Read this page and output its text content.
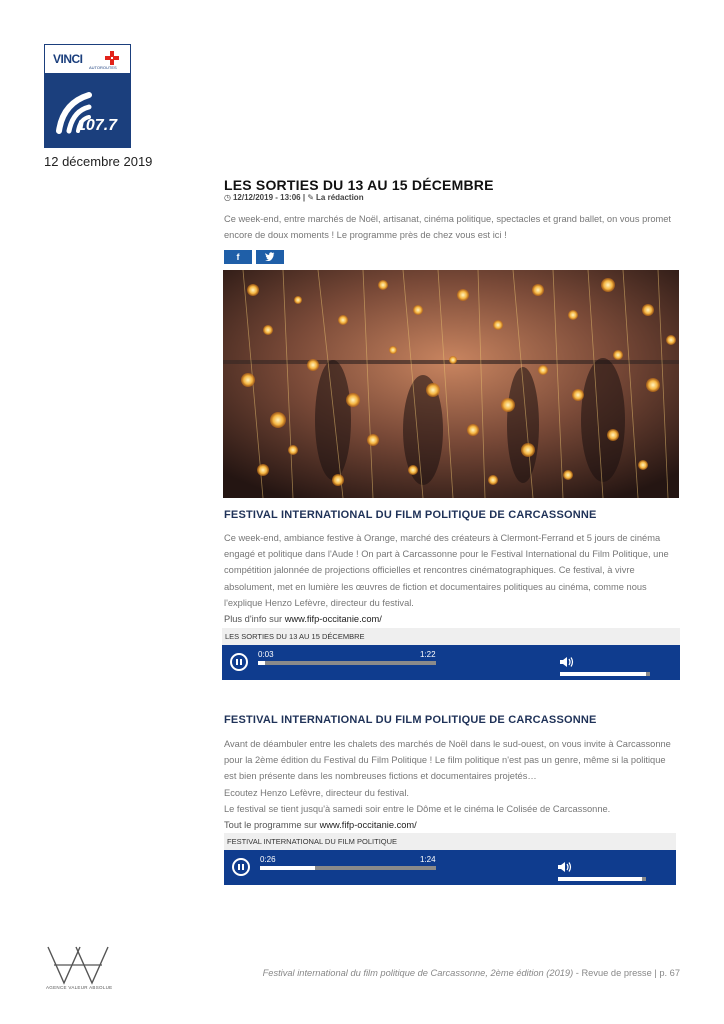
VINCI
AUTOROUTES
107.7
12 décembre 2019
LES SORTIES DU 13 AU 15 DÉCEMBRE
◷ 12/12/2019 - 13:06 | ✎ La rédaction
Ce week-end, entre marchés de Noël, artisanat, cinéma politique, spectacles et grand ballet, on vous promet encore de doux moments ! Le programme près de chez vous est ici !
f
FESTIVAL INTERNATIONAL DU FILM POLITIQUE DE CARCASSONNE
Ce week-end, ambiance festive à Orange, marché des créateurs à Clermont-Ferrand et 5 jours de cinéma engagé et politique dans l'Aude ! On part à Carcassonne pour le Festival International du Film Politique, une compétition jalonnée de projections officielles et rencontres cinématographiques. Ce festival, à vivre absolument, met en lumière les œuvres de fiction et documentaires politiques au cinéma, comme nous l'explique Henzo Lefèvre, directeur du festival.
Plus d'info sur www.fifp-occitanie.com/
LES SORTIES DU 13 AU 15 DÉCEMBRE
0:03	1:22
FESTIVAL INTERNATIONAL DU FILM POLITIQUE DE CARCASSONNE
Avant de déambuler entre les chalets des marchés de Noël dans le sud-ouest, on vous invite à Carcassonne pour la 2ème édition du Festival du Film Politique ! Le film politique n'est pas un genre, même si la politique est bien présente dans les nombreuses fictions et documentaires projetés…
Ecoutez Henzo Lefèvre, directeur du festival.
Le festival se tient jusqu'à samedi soir entre le Dôme et le cinéma le Colisée de Carcassonne.
Tout le programme sur www.fifp-occitanie.com/
FESTIVAL INTERNATIONAL DU FILM POLITIQUE
0:26	1:24
AGENCE VALEUR ABSOLUE
Festival international du film politique de Carcassonne, 2ème édition (2019) - Revue de presse | p. 67
